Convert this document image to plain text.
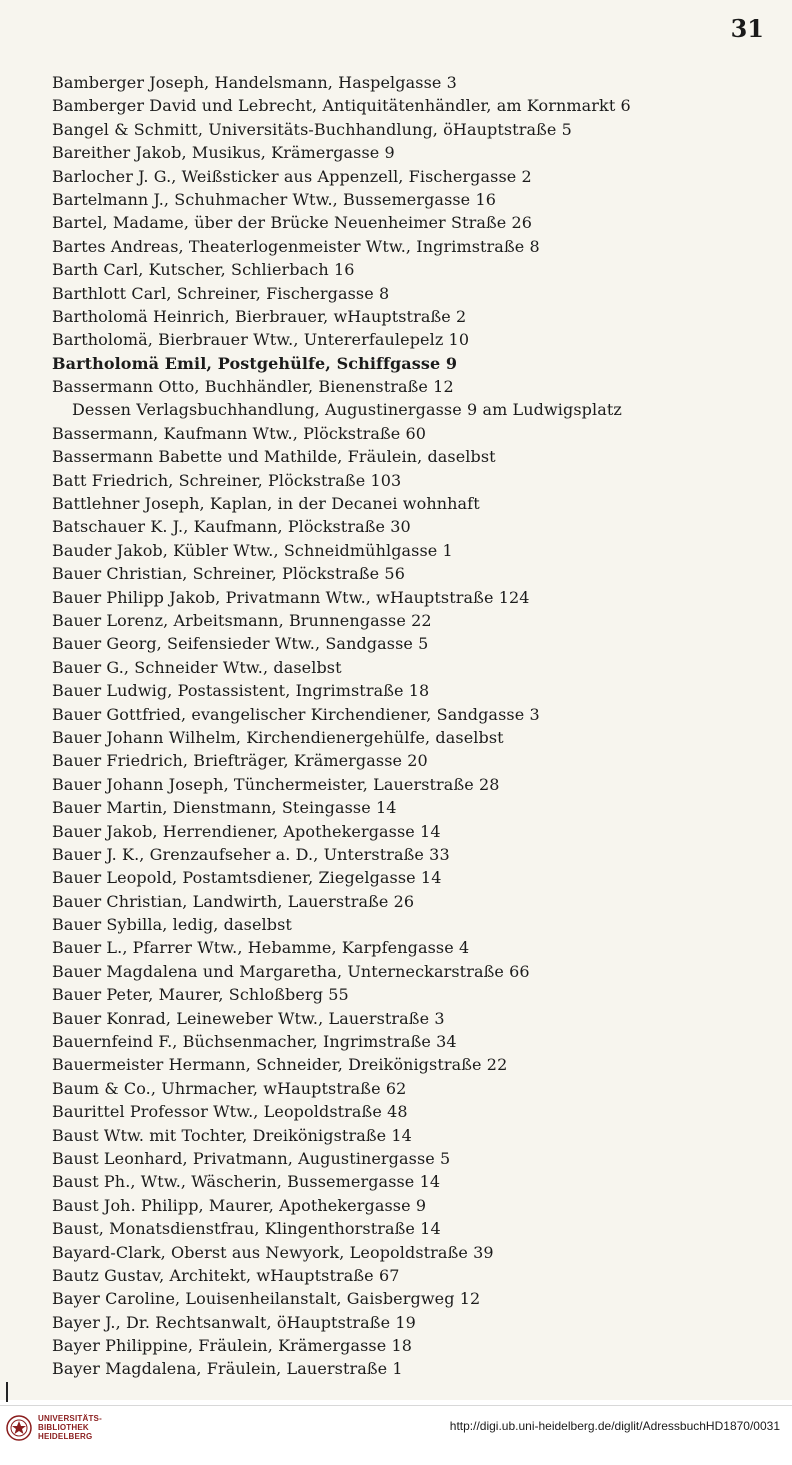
31
Bamberger Joseph, Handelsmann, Haspelgasse 3
Bamberger David und Lebrecht, Antiquitätenhändler, am Kornmarkt 6
Bangel & Schmitt, Universitäts-Buchhandlung, öHauptstraße 5
Bareither Jakob, Musikus, Krämergasse 9
Barlocher J. G., Weißsticker aus Appenzell, Fischergasse 2
Bartelmann J., Schuhmacher Wtw., Bussemergasse 16
Bartel, Madame, über der Brücke Neuenheimer Straße 26
Bartes Andreas, Theaterlogenmeister Wtw., Ingrimstraße 8
Barth Carl, Kutscher, Schlierbach 16
Barthlott Carl, Schreiner, Fischergasse 8
Bartholomä Heinrich, Bierbrauer, wHauptstraße 2
Bartholomä, Bierbrauer Wtw., Untererfaulepelz 10
Bartholomä Emil, Postgehülfe, Schiffgasse 9
Bassermann Otto, Buchhändler, Bienenstraße 12
Dessen Verlagsbuchhandlung, Augustinergasse 9 am Ludwigsplatz
Bassermann, Kaufmann Wtw., Plöckstraße 60
Bassermann Babette und Mathilde, Fräulein, daselbst
Batt Friedrich, Schreiner, Plöckstraße 103
Battlehner Joseph, Kaplan, in der Decanei wohnhaft
Batschauer K. J., Kaufmann, Plöckstraße 30
Bauder Jakob, Kübler Wtw., Schneidmühlgasse 1
Bauer Christian, Schreiner, Plöckstraße 56
Bauer Philipp Jakob, Privatmann Wtw., wHauptstraße 124
Bauer Lorenz, Arbeitsmann, Brunnengasse 22
Bauer Georg, Seifensieder Wtw., Sandgasse 5
Bauer G., Schneider Wtw., daselbst
Bauer Ludwig, Postassistent, Ingrimstraße 18
Bauer Gottfried, evangelischer Kirchendiener, Sandgasse 3
Bauer Johann Wilhelm, Kirchendienergehülfe, daselbst
Bauer Friedrich, Briefträger, Krämergasse 20
Bauer Johann Joseph, Tünchermeister, Lauerstraße 28
Bauer Martin, Dienstmann, Steingasse 14
Bauer Jakob, Herrendiener, Apothekergasse 14
Bauer J. K., Grenzaufseher a. D., Unterstraße 33
Bauer Leopold, Postamtsdiener, Ziegelgasse 14
Bauer Christian, Landwirth, Lauerstraße 26
Bauer Sybilla, ledig, daselbst
Bauer L., Pfarrer Wtw., Hebamme, Karpfengasse 4
Bauer Magdalena und Margaretha, Unterneckarstraße 66
Bauer Peter, Maurer, Schloßberg 55
Bauer Konrad, Leineweber Wtw., Lauerstraße 3
Bauernfeind F., Büchsenmacher, Ingrimstraße 34
Bauermeister Hermann, Schneider, Dreikönigstraße 22
Baum & Co., Uhrmacher, wHauptstraße 62
Baurittel Professor Wtw., Leopoldstraße 48
Baust Wtw. mit Tochter, Dreikönigstraße 14
Baust Leonhard, Privatmann, Augustinergasse 5
Baust Ph., Wtw., Wäscherin, Bussemergasse 14
Baust Joh. Philipp, Maurer, Apothekergasse 9
Baust, Monatsdienstfrau, Klingenthorstraße 14
Bayard-Clark, Oberst aus Newyork, Leopoldstraße 39
Bautz Gustav, Architekt, wHauptstraße 67
Bayer Caroline, Louisenheilanstalt, Gaisbergweg 12
Bayer J., Dr. Rechtsanwalt, öHauptstraße 19
Bayer Philippine, Fräulein, Krämergasse 18
Bayer Magdalena, Fräulein, Lauerstraße 1
UNIVERSITÄTS-
BIBLIOTHEK
HEIDELBERG
http://digi.ub.uni-heidelberg.de/diglit/AdressbuchHD1870/0031
